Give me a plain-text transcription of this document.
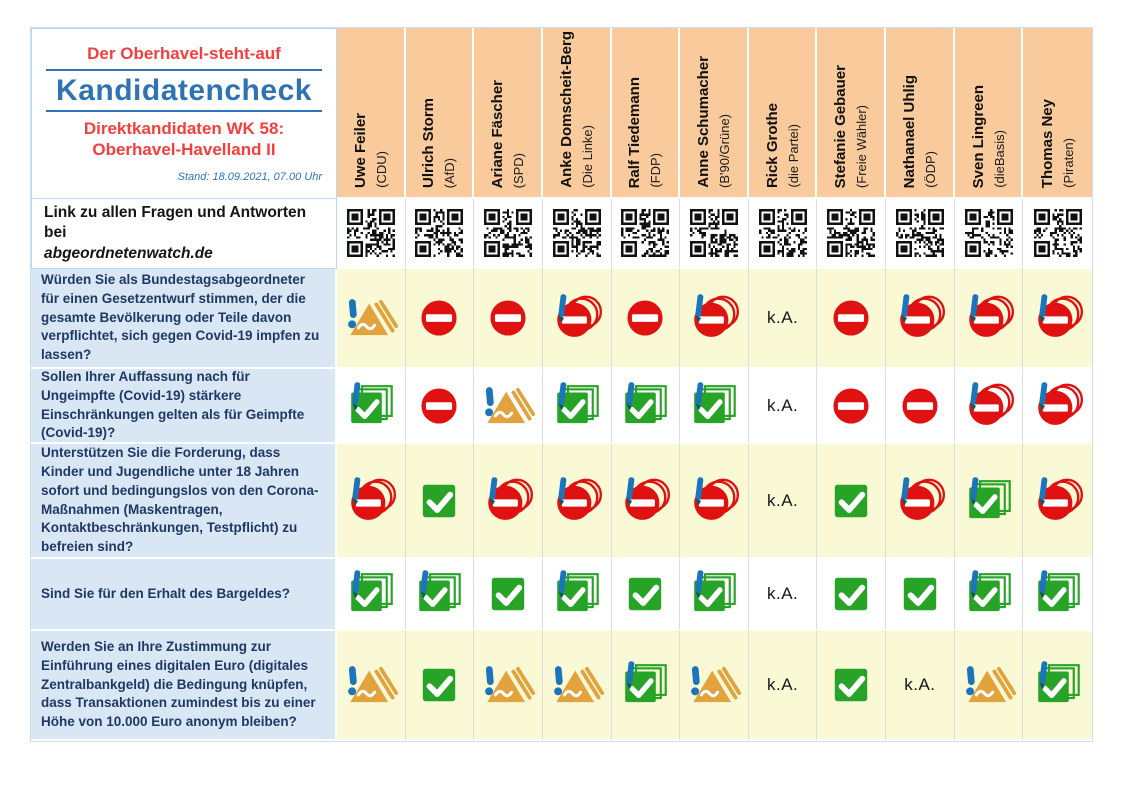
Der Oberhavel-steht-auf
Kandidatencheck
Direktkandidaten WK 58:
Oberhavel-Havelland II
Stand: 18.09.2021, 07.00 Uhr Uwe Feiler (CDU) Ulrich Storm (AfD) Ariane Fäscher (SPD) Anke Domscheit-Berg (Die Linke) Ralf Tiedemann (FDP) Anne Schumacher (B'90/Grüne) Rick Grothe (die Partei) Stefanie Gebauer (Freie Wähler) Nathanael Uhlig (ÖDP) Sven Lingreen (dieBasis) Thomas Ney (Piraten)
Link zu allen Fragen und Antworten bei
abgeordnetenwatch.de
Würden Sie als Bundestagsabgeordneter für einen Gesetzentwurf stimmen, der die gesamte Bevölkerung oder Teile davon verpflichtet, sich gegen Covid-19 impfen zu lassen?
k.A.
Sollen Ihrer Auffassung nach für Ungeimpfte (Covid-19) stärkere Einschränkungen gelten als für Geimpfte (Covid-19)?
k.A.
Unterstützen Sie die Forderung, dass Kinder und Jugendliche unter 18 Jahren sofort und bedingungslos von den Corona-Maßnahmen (Maskentragen, Kontaktbeschränkungen, Testpflicht) zu befreien sind?
k.A.
Sind Sie für den Erhalt des Bargeldes?	k.A.
Werden Sie an Ihre Zustimmung zur Einführung eines digitalen Euro (digitales Zentralbankgeld) die Bedingung knüpfen, dass Transaktionen zumindest bis zu einer Höhe von 10.000 Euro anonym bleiben?
k.A.	k.A.
